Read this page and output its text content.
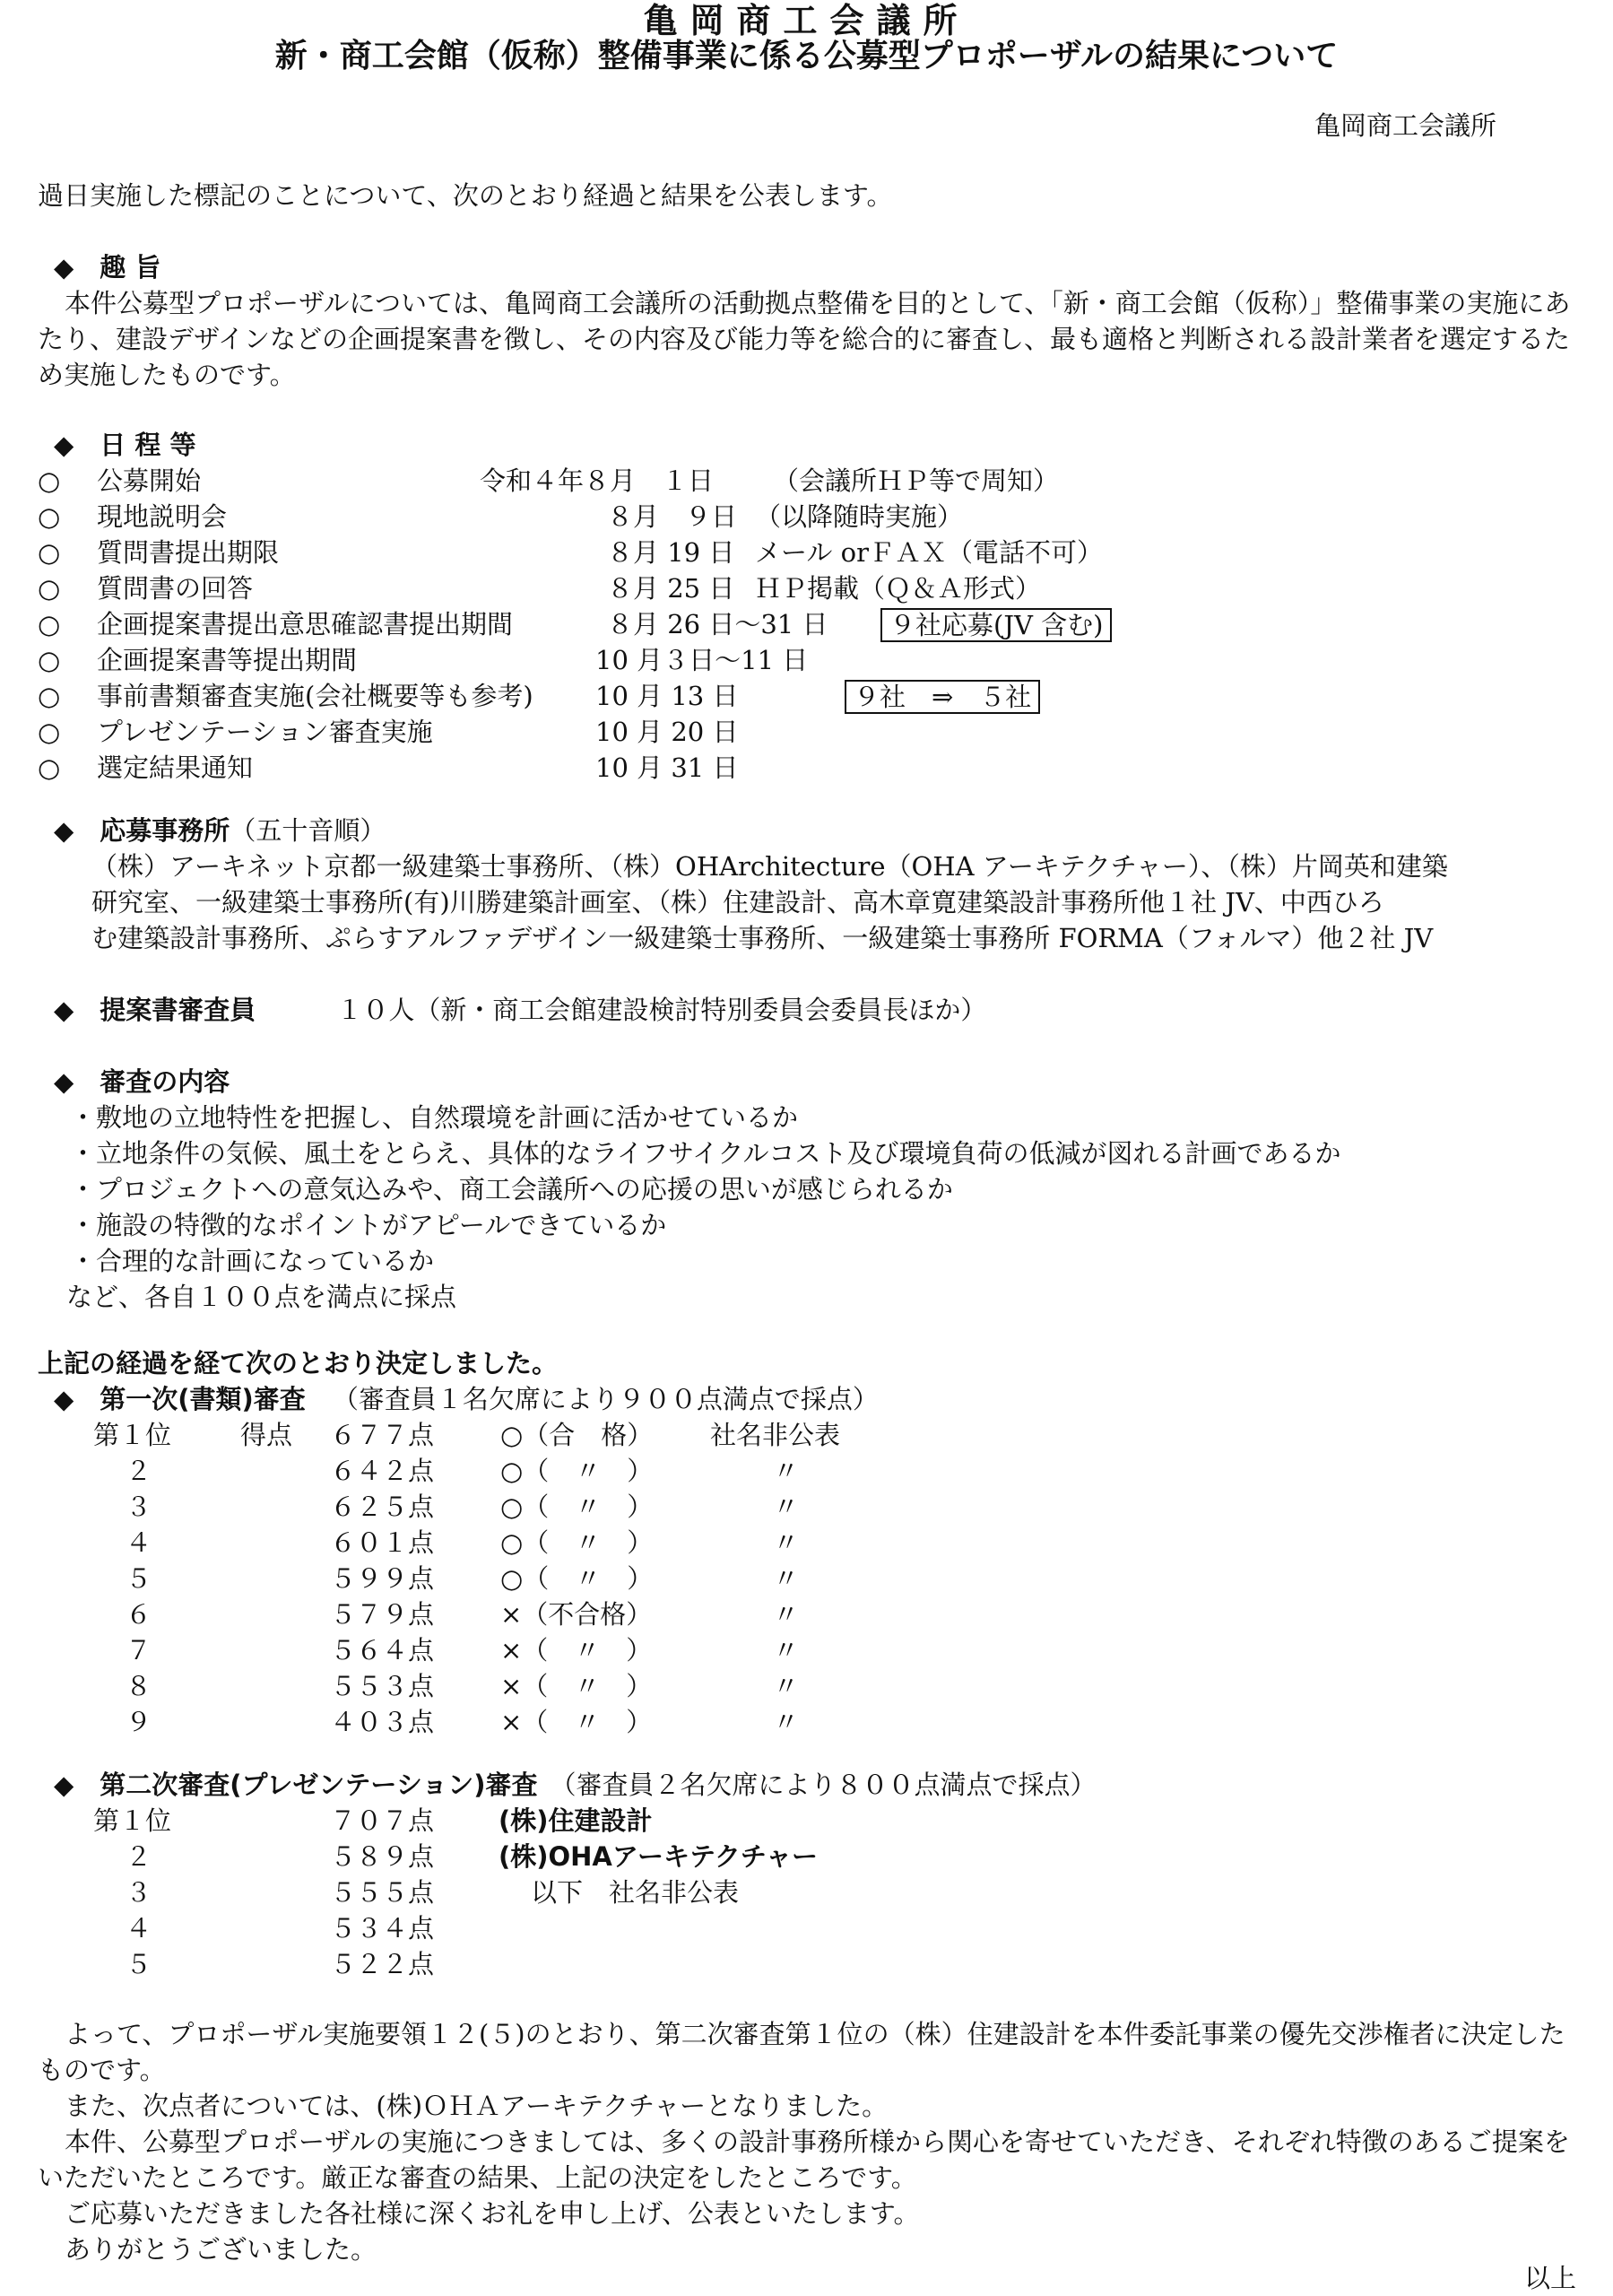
亀岡商工会議所
新・商工会館（仮称）整備事業に係る公募型プロポーザルの結果について
亀岡商工会議所
過日実施した標記のことについて、次のとおり経過と結果を公表します。
◆　趣 旨

本件公募型プロポーザルについては、亀岡商工会議所の活動拠点整備を目的として、「新・商工会館（仮称）」整備事業の実施にあたり、建設デザインなどの企画提案書を徴し、その内容及び能力等を総合的に審査し、最も適格と判断される設計業者を選定するため実施したものです。

◆　日 程 等
○ 公募開始	令和４年８月　１日 （会議所ＨＰ等で周知）
○ 現地説明会	８月　９日 （以降随時実施）
○ 質問書提出期限	８月 19 日 メール orＦＡＸ（電話不可）
○ 質問書の回答	８月 25 日 ＨＰ掲載（Ｑ＆Ａ形式）
○ 企画提案書提出意思確認書提出期間	８月 26 日～31 日	９社応募(JV 含む)
○ 企画提案書等提出期間	10 月３日～11 日
○ 事前書類審査実施(会社概要等も参考) 10 月 13 日	９社　⇒　５社
○ プレゼンテーション審査実施	10 月 20 日
○ 選定結果通知	10 月 31 日
◆　応募事務所（五十音順）
（株）アーキネット京都一級建築士事務所、（株）OHArchitecture（OHA アーキテクチャー）、（株）片岡英和建築
研究室、一級建築士事務所(有)川勝建築計画室、（株）住建設計、高木章寛建築設計事務所他１社 JV、中西ひろ
む建築設計事務所、ぷらすアルファデザイン一級建築士事務所、一級建築士事務所 FORMA（フォルマ）他２社 JV
◆　提案書審査員	１０人（新・商工会館建設検討特別委員会委員長ほか）
◆　審査の内容
・敷地の立地特性を把握し、自然環境を計画に活かせているか
・立地条件の気候、風土をとらえ、具体的なライフサイクルコスト及び環境負荷の低減が図れる計画であるか
・プロジェクトへの意気込みや、商工会議所への応援の思いが感じられるか
・施設の特徴的なポイントがアピールできているか
・合理的な計画になっているか
など、各自１００点を満点に採点
上記の経過を経て次のとおり決定しました。
◆　第一次(書類)審査 （審査員１名欠席により９００点満点で採点）
第１位	得点 ６７７点	○（合　格） 社名非公表
２	６４２点	○（　〃　）	〃
３	６２５点	○（　〃　）	〃
４	６０１点	○（　〃　）	〃
５	５９９点	○（　〃　）	〃
６	５７９点	×（不合格）	〃
７	５６４点	×（　〃　）	〃
８	５５３点	×（　〃　）	〃
９	４０３点	×（　〃　）	〃
◆　第二次審査(プレゼンテーション)審査 （審査員２名欠席により８００点満点で採点）
第１位	７０７点 (株)住建設計
２	５８９点 (株)OHAアーキテクチャー
３	５５５点	以下　社名非公表
４	５３４点
５	５２２点

よって、プロポーザル実施要領１２(５)のとおり、第二次審査第１位の（株）住建設計を本件委託事業の優先交渉権者に決定したものです。

また、次点者については、(株)ＯＨＡアーキテクチャーとなりました。

本件、公募型プロポーザルの実施につきましては、多くの設計事務所様から関心を寄せていただき、それぞれ特徴のあるご提案をいただいたところです。厳正な審査の結果、上記の決定をしたところです。

ご応募いただきました各社様に深くお礼を申し上げ、公表といたします。

ありがとうございました。

以上
